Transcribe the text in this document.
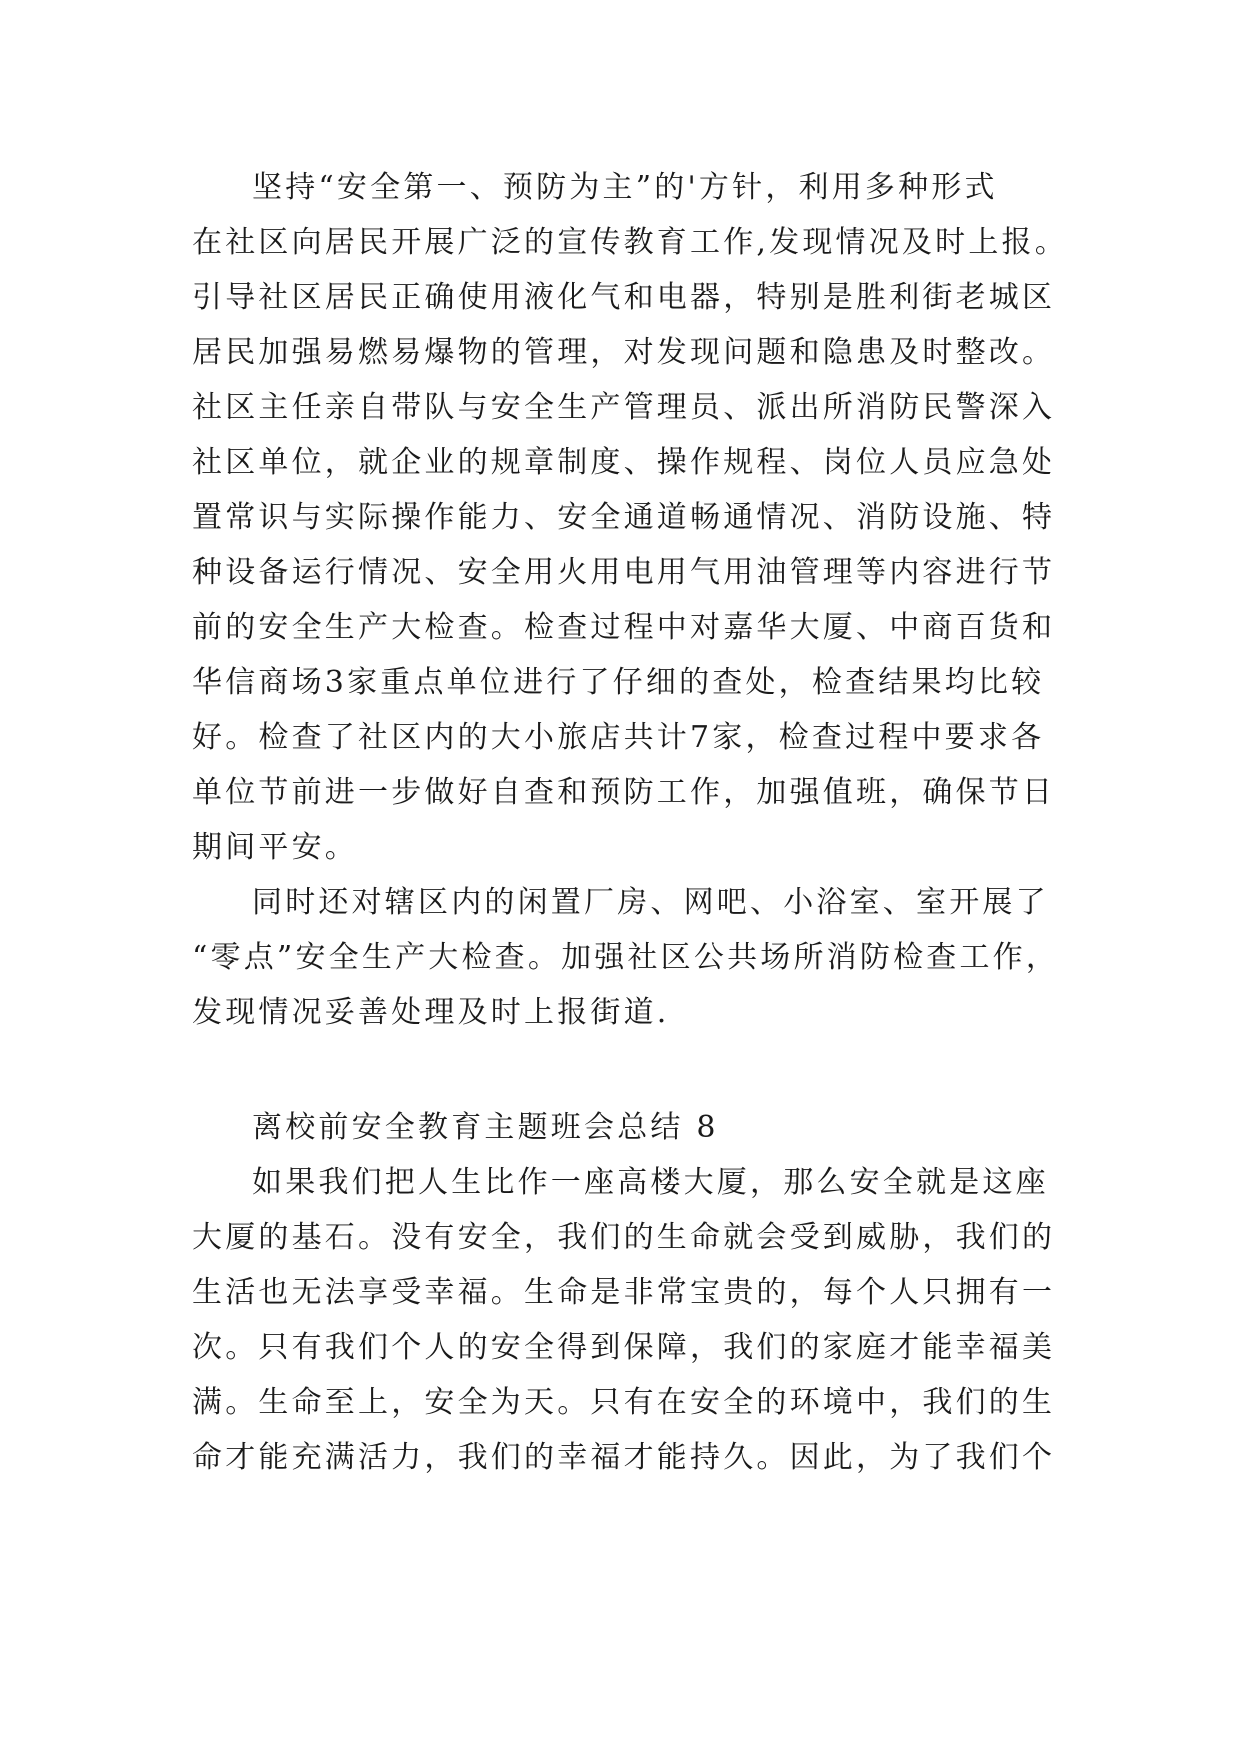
坚持“安全第一、预防为主”的'方针，利用多种形式

在社区向居民开展广泛的宣传教育工作,发现情况及时上报。

引导社区居民正确使用液化气和电器，特别是胜利街老城区

居民加强易燃易爆物的管理，对发现问题和隐患及时整改。

社区主任亲自带队与安全生产管理员、派出所消防民警深入

社区单位，就企业的规章制度、操作规程、岗位人员应急处

置常识与实际操作能力、安全通道畅通情况、消防设施、特

种设备运行情况、安全用火用电用气用油管理等内容进行节

前的安全生产大检查。检查过程中对嘉华大厦、中商百货和

华信商场3家重点单位进行了仔细的查处，检查结果均比较

好。检查了社区内的大小旅店共计7家，检查过程中要求各

单位节前进一步做好自查和预防工作，加强值班，确保节日

期间平安。

同时还对辖区内的闲置厂房、网吧、小浴室、室开展了

“零点”安全生产大检查。加强社区公共场所消防检查工作，

发现情况妥善处理及时上报街道.

离校前安全教育主题班会总结 8

如果我们把人生比作一座高楼大厦，那么安全就是这座

大厦的基石。没有安全，我们的生命就会受到威胁，我们的

生活也无法享受幸福。生命是非常宝贵的，每个人只拥有一

次。只有我们个人的安全得到保障，我们的家庭才能幸福美

满。生命至上，安全为天。只有在安全的环境中，我们的生

命才能充满活力，我们的幸福才能持久。因此，为了我们个
